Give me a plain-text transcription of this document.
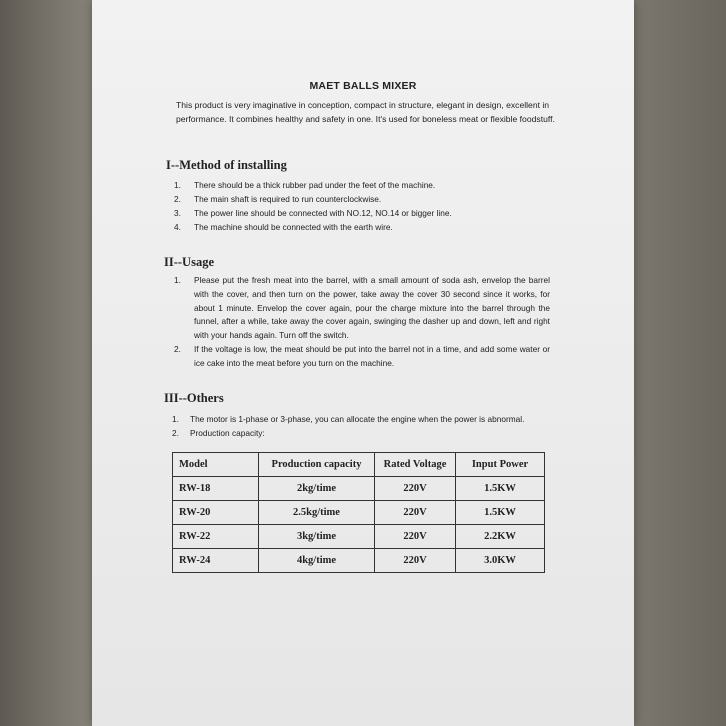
MAET BALLS MIXER
This product is very imaginative in conception, compact in structure, elegant in design, excellent in performance. It combines healthy and safety in one. It's used for boneless meat or flexible foodstuff.
I--Method of installing
1. There should be a thick rubber pad under the feet of the machine.
2. The main shaft is required to run counterclockwise.
3. The power line should be connected with NO.12, NO.14 or bigger line.
4. The machine should be connected with the earth wire.
II--Usage
1. Please put the fresh meat into the barrel, with a small amount of soda ash, envelop the barrel with the cover, and then turn on the power, take away the cover 30 second since it works, for about 1 minute. Envelop the cover again, pour the charge mixture into the barrel through the funnel, after a while, take away the cover again, swinging the dasher up and down, left and right with your hands again. Turn off the switch.
2. If the voltage is low, the meat should be put into the barrel not in a time, and add some water or ice cake into the meat before you turn on the machine.
III--Others
1. The motor is 1-phase or 3-phase, you can allocate the engine when the power is abnormal.
2. Production capacity:
Model	Production capacity	Rated Voltage	Input Power
RW-18	2kg/time	220V	1.5KW
RW-20	2.5kg/time	220V	1.5KW
RW-22	3kg/time	220V	2.2KW
RW-24	4kg/time	220V	3.0KW
